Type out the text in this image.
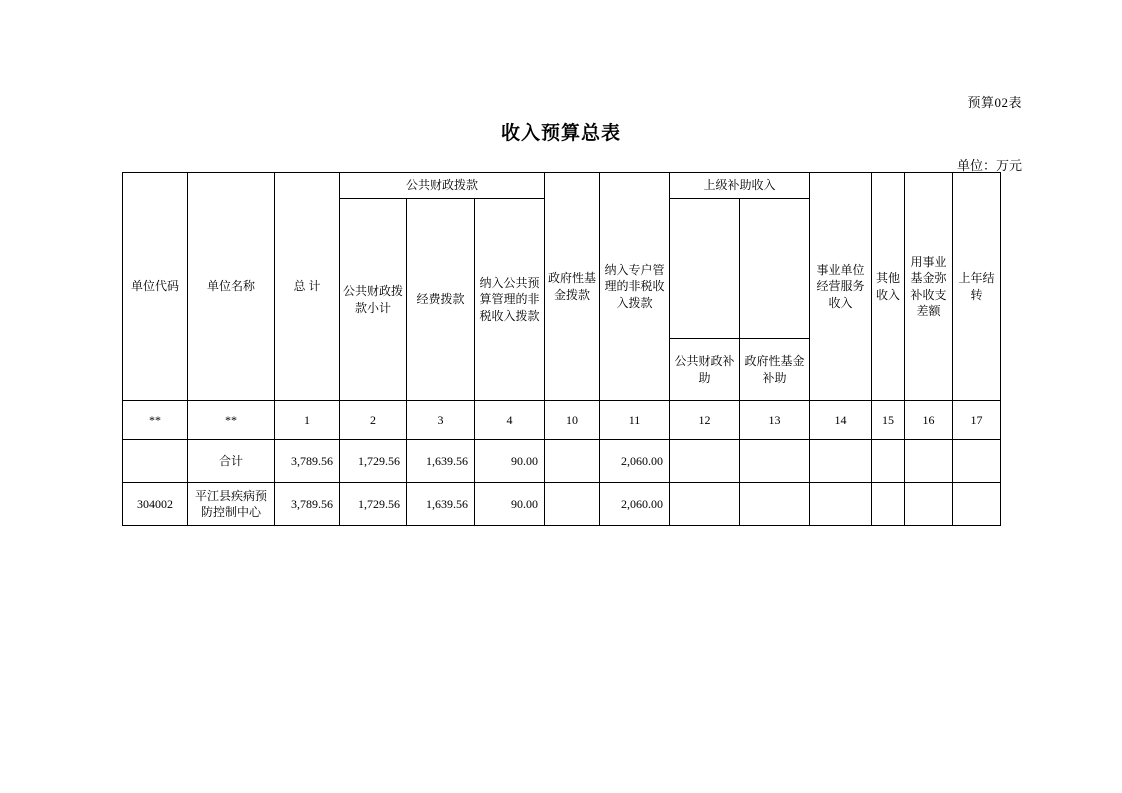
预算02表
收入预算总表
单位：万元
单位代码	单位名称	总 计	公共财政拨款			政府性基金拨款	纳入专户管理的非税收入拨款	上级补助收入		事业单位经营服务收入	其他收入	用事业基金弥补收支差额	上年结转
			公共财政拨款小计	经费拨款	纳入公共预算管理的非税收入拨款								
								公共财政补助	政府性基金补助				
**	**	1	2	3	4	10	11	12	13	14	15	16	17
	合计	3,789.56	1,729.56	1,639.56	90.00		2,060.00						
304002	平江县疾病预防控制中心	3,789.56	1,729.56	1,639.56	90.00		2,060.00						
